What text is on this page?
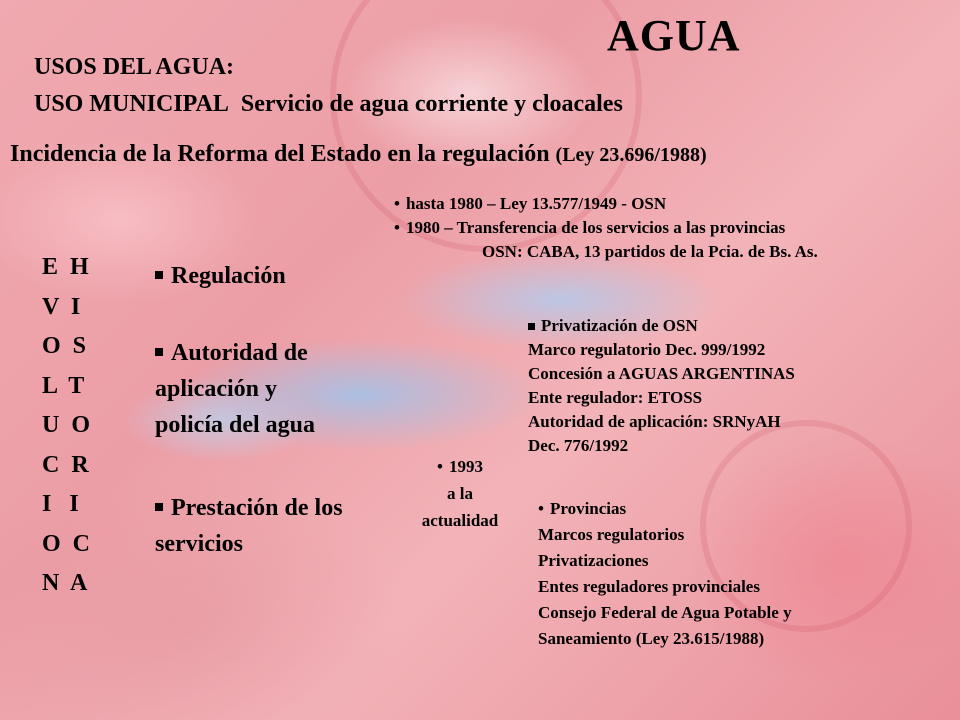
AGUA
USOS DEL AGUA:
USO MUNICIPAL Servicio de agua corriente y cloacales
Incidencia de la Reforma del Estado en la regulación (Ley 23.696/1988)
• hasta 1980 – Ley 13.577/1949 - OSN
• 1980 – Transferencia de los servicios a las provincias
OSN: CABA, 13 partidos de la Pcia. de Bs. As.
E  H
V  I
O  S
L  T
U  O
C  R
I   I
O  C
N  A
Regulación
Autoridad de
aplicación y
policía del agua
Prestación de los
servicios
• 1993
a la
actualidad
Privatización de OSN
Marco regulatorio Dec. 999/1992
Concesión a AGUAS ARGENTINAS
Ente regulador: ETOSS
Autoridad de aplicación: SRNyAH
Dec. 776/1992
• Provincias
Marcos regulatorios
Privatizaciones
Entes reguladores provinciales
Consejo Federal de Agua Potable y
Saneamiento (Ley 23.615/1988)
